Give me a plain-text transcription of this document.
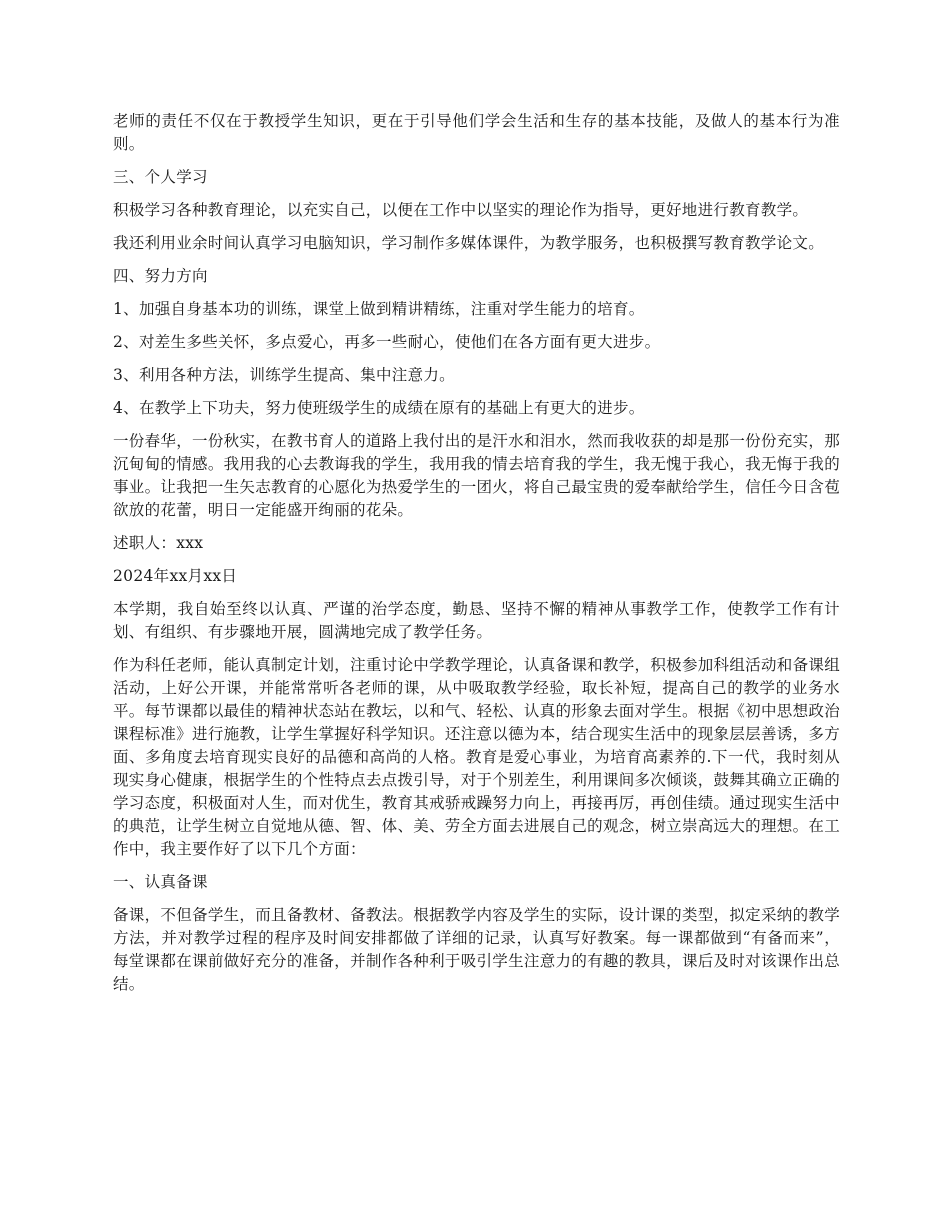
老师的责任不仅在于教授学生知识，更在于引导他们学会生活和生存的基本技能，及做人的基本行为准则。

三、个人学习

积极学习各种教育理论，以充实自己，以便在工作中以坚实的理论作为指导，更好地进行教育教学。

我还利用业余时间认真学习电脑知识，学习制作多媒体课件，为教学服务，也积极撰写教育教学论文。

四、努力方向

1、加强自身基本功的训练，课堂上做到精讲精练，注重对学生能力的培育。

2、对差生多些关怀，多点爱心，再多一些耐心，使他们在各方面有更大进步。

3、利用各种方法，训练学生提高、集中注意力。

4、在教学上下功夫，努力使班级学生的成绩在原有的基础上有更大的进步。

一份春华，一份秋实，在教书育人的道路上我付出的是汗水和泪水，然而我收获的却是那一份份充实，那沉甸甸的情感。我用我的心去教诲我的学生，我用我的情去培育我的学生，我无愧于我心，我无悔于我的事业。让我把一生矢志教育的心愿化为热爱学生的一团火，将自己最宝贵的爱奉献给学生，信任今日含苞欲放的花蕾，明日一定能盛开绚丽的花朵。

述职人：xxx

2024年xx月xx日

本学期，我自始至终以认真、严谨的治学态度，勤恳、坚持不懈的精神从事教学工作，使教学工作有计划、有组织、有步骤地开展，圆满地完成了教学任务。

作为科任老师，能认真制定计划，注重讨论中学教学理论，认真备课和教学，积极参加科组活动和备课组活动，上好公开课，并能常常听各老师的课，从中吸取教学经验，取长补短，提高自己的教学的业务水平。每节课都以最佳的精神状态站在教坛，以和气、轻松、认真的形象去面对学生。根据《初中思想政治课程标准》进行施教，让学生掌握好科学知识。还注意以德为本，结合现实生活中的现象层层善诱，多方面、多角度去培育现实良好的品德和高尚的人格。教育是爱心事业，为培育高素养的.下一代，我时刻从现实身心健康，根据学生的个性特点去点拨引导，对于个别差生，利用课间多次倾谈，鼓舞其确立正确的学习态度，积极面对人生，而对优生，教育其戒骄戒躁努力向上，再接再厉，再创佳绩。通过现实生活中的典范，让学生树立自觉地从德、智、体、美、劳全方面去进展自己的观念，树立崇高远大的理想。在工作中，我主要作好了以下几个方面：

一、认真备课

备课，不但备学生，而且备教材、备教法。根据教学内容及学生的实际，设计课的类型，拟定采纳的教学方法，并对教学过程的程序及时间安排都做了详细的记录，认真写好教案。每一课都做到“有备而来”，每堂课都在课前做好充分的准备，并制作各种利于吸引学生注意力的有趣的教具，课后及时对该课作出总结。
